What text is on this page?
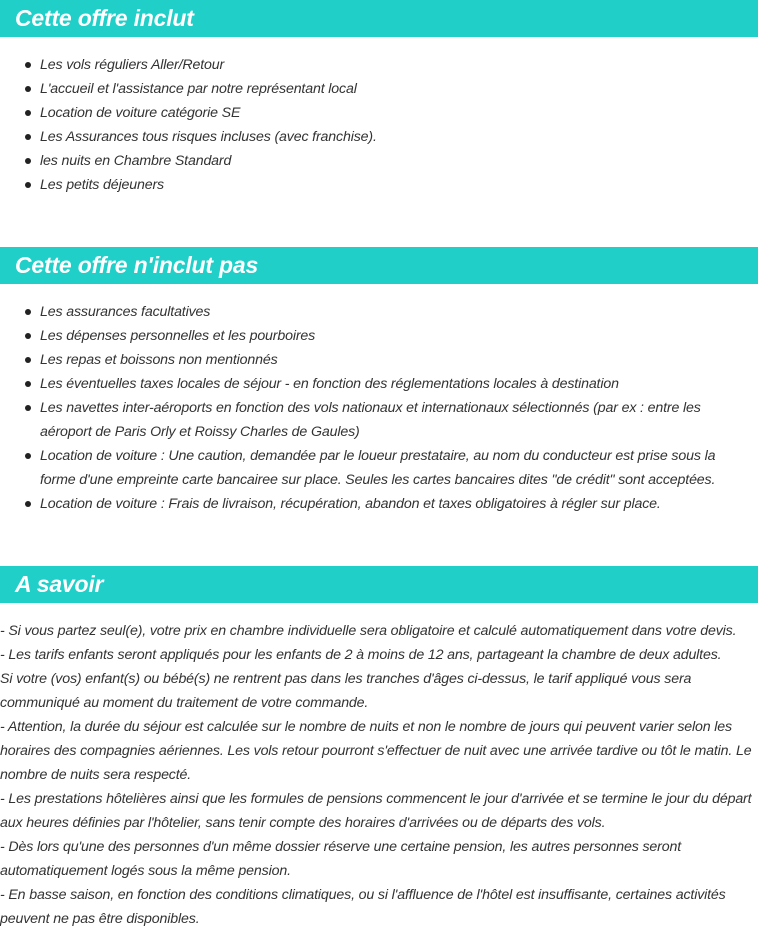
Cette offre inclut
Les vols réguliers Aller/Retour
L'accueil et l'assistance par notre représentant local
Location de voiture catégorie SE
Les Assurances tous risques incluses (avec franchise).
les nuits en Chambre Standard
Les petits déjeuners
Cette offre n'inclut pas
Les assurances facultatives
Les dépenses personnelles et les pourboires
Les repas et boissons non mentionnés
Les éventuelles taxes locales de séjour - en fonction des réglementations locales à destination
Les navettes inter-aéroports en fonction des vols nationaux et internationaux sélectionnés (par ex : entre les aéroport de Paris Orly et Roissy Charles de Gaules)
Location de voiture : Une caution, demandée par le loueur prestataire, au nom du conducteur est prise sous la forme d'une empreinte carte bancairee sur place. Seules les cartes bancaires dites "de crédit" sont acceptées.
Location de voiture : Frais de livraison, récupération, abandon et taxes obligatoires à régler sur place.
A savoir

- Si vous partez seul(e), votre prix en chambre individuelle sera obligatoire et calculé automatiquement dans votre devis.

- Les tarifs enfants seront appliqués pour les enfants de 2 à moins de 12 ans, partageant la chambre de deux adultes.

Si votre (vos) enfant(s) ou bébé(s) ne rentrent pas dans les tranches d'âges ci-dessus, le tarif appliqué vous sera communiqué au moment du traitement de votre commande.

- Attention, la durée du séjour est calculée sur le nombre de nuits et non le nombre de jours qui peuvent varier selon les horaires des compagnies aériennes. Les vols retour pourront s'effectuer de nuit avec une arrivée tardive ou tôt le matin. Le nombre de nuits sera respecté.

- Les prestations hôtelières ainsi que les formules de pensions commencent le jour d'arrivée et se termine le jour du départ aux heures définies par l'hôtelier, sans tenir compte des horaires d'arrivées ou de départs des vols.

- Dès lors qu'une des personnes d'un même dossier réserve une certaine pension, les autres personnes seront automatiquement logés sous la même pension.

- En basse saison, en fonction des conditions climatiques, ou si l'affluence de l'hôtel est insuffisante, certaines activités peuvent ne pas être disponibles.
